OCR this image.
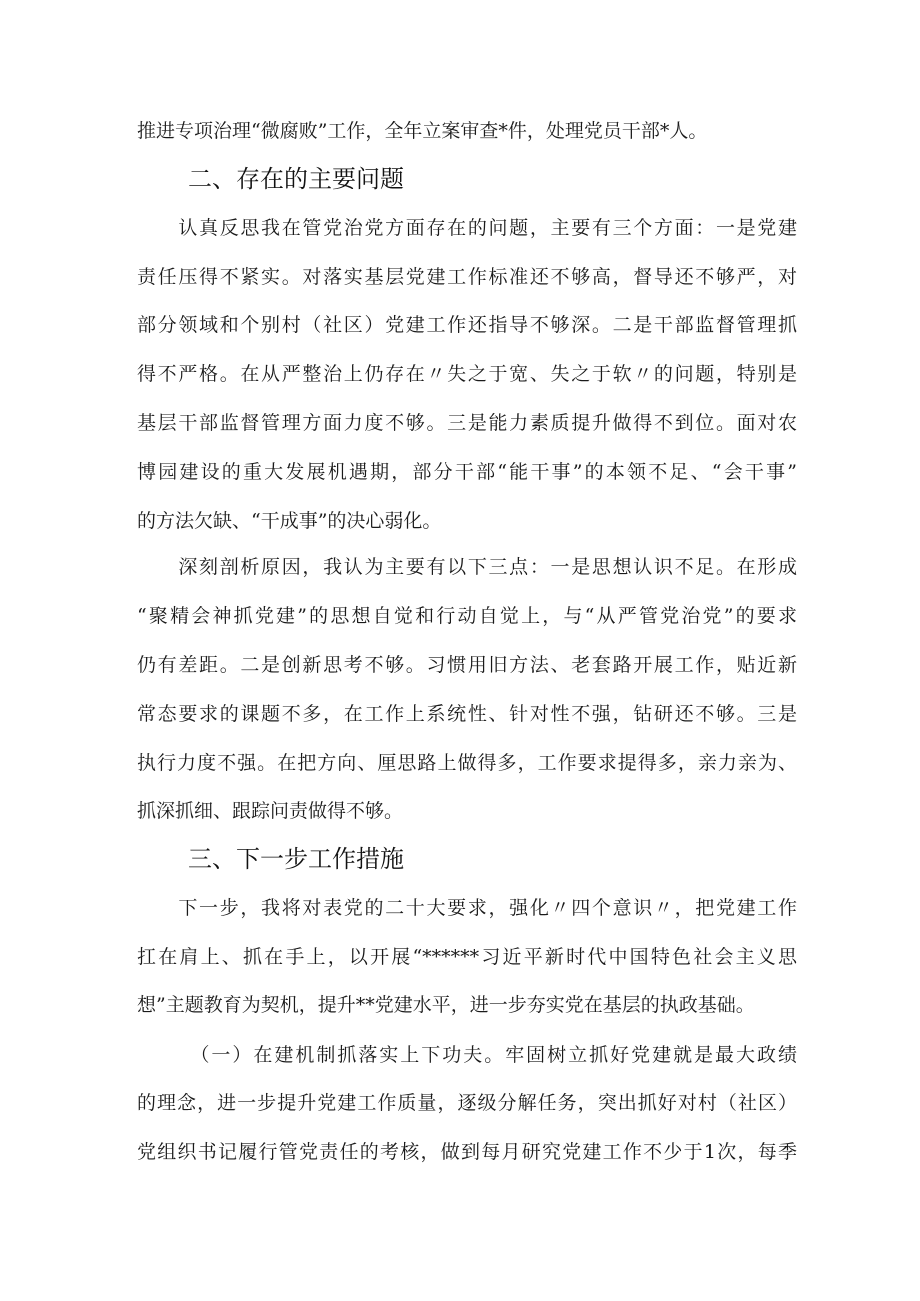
推进专项治理“微腐败”工作，全年立案审查*件，处理党员干部*人。
二、存在的主要问题
　　认真反思我在管党治党方面存在的问题，主要有三个方面：一是党建
责任压得不紧实。对落实基层党建工作标准还不够高，督导还不够严，对
部分领域和个别村（社区）党建工作还指导不够深。二是干部监督管理抓
得不严格。在从严整治上仍存在〃失之于宽、失之于软〃的问题，特别是
基层干部监督管理方面力度不够。三是能力素质提升做得不到位。面对农
博园建设的重大发展机遇期，部分干部“能干事”的本领不足、“会干事”
的方法欠缺、“干成事”的决心弱化。
　　深刻剖析原因，我认为主要有以下三点：一是思想认识不足。在形成
“聚精会神抓党建”的思想自觉和行动自觉上，与“从严管党治党”的要求
仍有差距。二是创新思考不够。习惯用旧方法、老套路开展工作，贴近新
常态要求的课题不多，在工作上系统性、针对性不强，钻研还不够。三是
执行力度不强。在把方向、厘思路上做得多，工作要求提得多，亲力亲为、
抓深抓细、跟踪问责做得不够。
三、下一步工作措施
　　下一步，我将对表党的二十大要求，强化〃四个意识〃，把党建工作
扛在肩上、抓在手上，以开展“******习近平新时代中国特色社会主义思
想”主题教育为契机，提升**党建水平，进一步夯实党在基层的执政基础。
　　　（一）在建机制抓落实上下功夫。牢固树立抓好党建就是最大政绩
的理念，进一步提升党建工作质量，逐级分解任务，突出抓好对村（社区）
党组织书记履行管党责任的考核，做到每月研究党建工作不少于1次，每季
